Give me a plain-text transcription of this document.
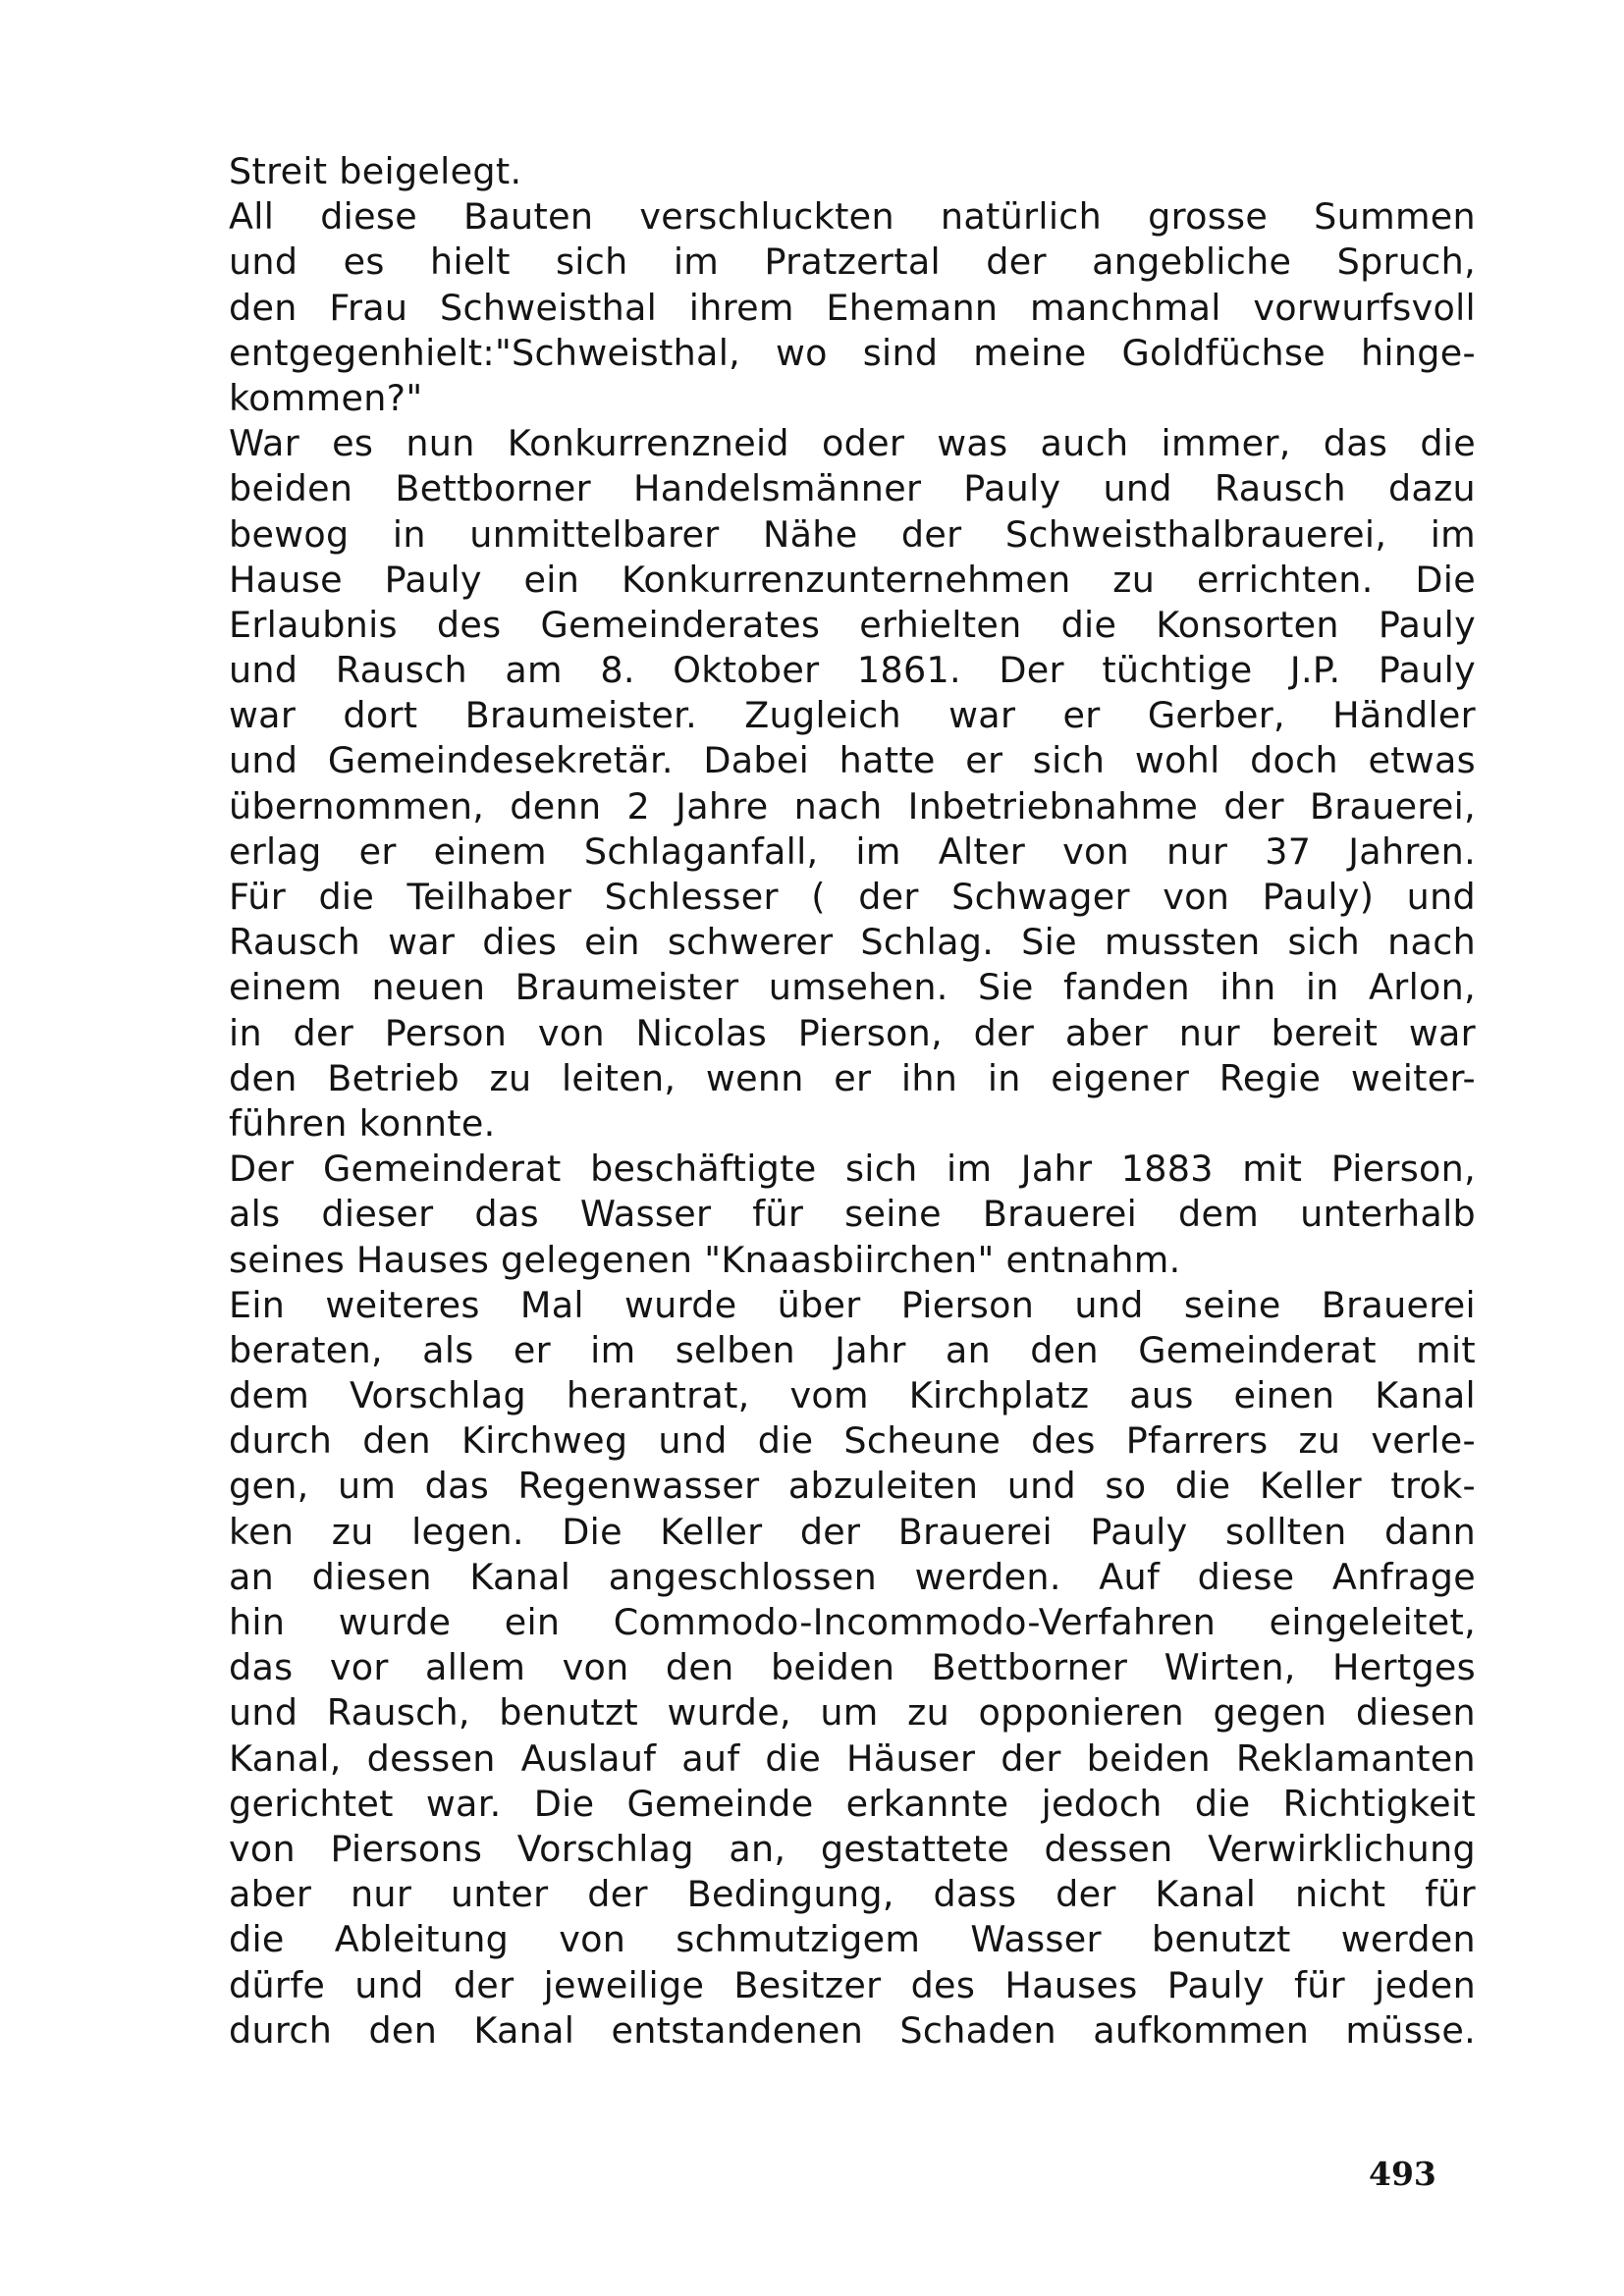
Streit beigelegt.
All diese Bauten verschluckten natürlich grosse Summen
und es hielt sich im Pratzertal der angebliche Spruch,
den Frau Schweisthal ihrem Ehemann manchmal vorwurfsvoll
entgegenhielt:"Schweisthal, wo sind meine Goldfüchse hinge-
kommen?"
War es nun Konkurrenzneid oder was auch immer, das die
beiden Bettborner Handelsmänner Pauly und Rausch dazu
bewog in unmittelbarer Nähe der Schweisthalbrauerei, im
Hause Pauly ein Konkurrenzunternehmen zu errichten. Die
Erlaubnis des Gemeinderates erhielten die Konsorten Pauly
und Rausch am 8. Oktober 1861. Der tüchtige J.P. Pauly
war dort Braumeister. Zugleich war er Gerber, Händler
und Gemeindesekretär. Dabei hatte er sich wohl doch etwas
übernommen, denn 2 Jahre nach Inbetriebnahme der Brauerei,
erlag er einem Schlaganfall, im Alter von nur 37 Jahren.
Für die Teilhaber Schlesser ( der Schwager von Pauly) und
Rausch war dies ein schwerer Schlag. Sie mussten sich nach
einem neuen Braumeister umsehen. Sie fanden ihn in Arlon,
in der Person von Nicolas Pierson, der aber nur bereit war
den Betrieb zu leiten, wenn er ihn in eigener Regie weiter-
führen konnte.
Der Gemeinderat beschäftigte sich im Jahr 1883 mit Pierson,
als dieser das Wasser für seine Brauerei dem unterhalb
seines Hauses gelegenen "Knaasbiirchen" entnahm.
Ein weiteres Mal wurde über Pierson und seine Brauerei
beraten, als er im selben Jahr an den Gemeinderat mit
dem Vorschlag herantrat, vom Kirchplatz aus einen Kanal
durch den Kirchweg und die Scheune des Pfarrers zu verle-
gen, um das Regenwasser abzuleiten und so die Keller trok-
ken zu legen. Die Keller der Brauerei Pauly sollten dann
an diesen Kanal angeschlossen werden. Auf diese Anfrage
hin wurde ein Commodo-Incommodo-Verfahren eingeleitet,
das vor allem von den beiden Bettborner Wirten, Hertges
und Rausch, benutzt wurde, um zu opponieren gegen diesen
Kanal, dessen Auslauf auf die Häuser der beiden Reklamanten
gerichtet war. Die Gemeinde erkannte jedoch die Richtigkeit
von Piersons Vorschlag an, gestattete dessen Verwirklichung
aber nur unter der Bedingung, dass der Kanal nicht für
die Ableitung von schmutzigem Wasser benutzt werden
dürfe und der jeweilige Besitzer des Hauses Pauly für jeden
durch den Kanal entstandenen Schaden aufkommen müsse.
493
